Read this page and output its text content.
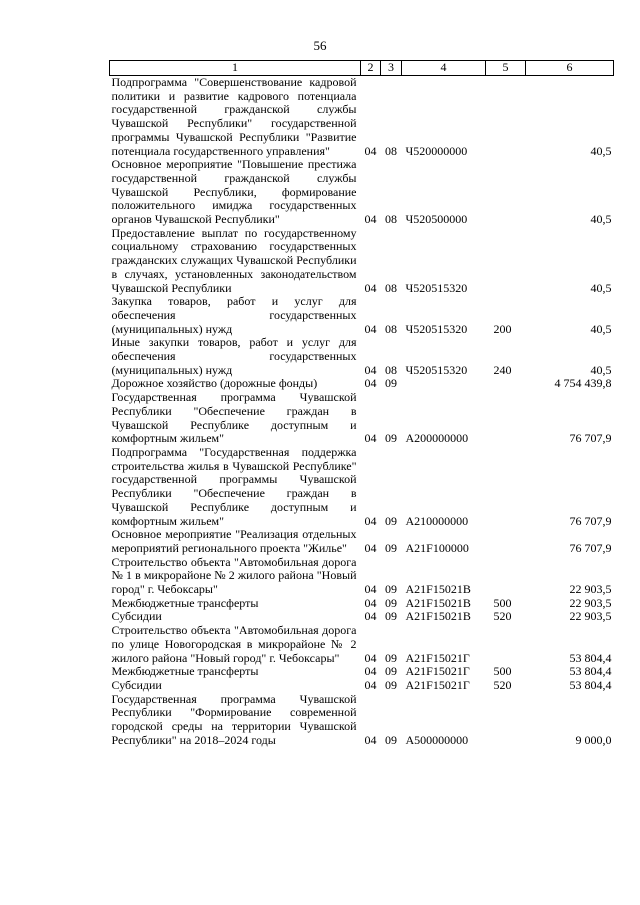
56
1	2	3	4	5	6
Подпрограмма "Совершенствование кадровой политики и развитие кадрового потенциала государственной гражданской службы Чувашской Республики" государственной программы Чувашской Республики "Развитие потенциала государственного управления"	04	08	Ч520000000		40,5
Основное мероприятие "Повышение престижа государственной гражданской службы Чувашской Республики, формирование положительного имиджа государственных органов Чувашской Республики"	04	08	Ч520500000		40,5
Предоставление выплат по государственному социальному страхованию государственных гражданских служащих Чувашской Республики в случаях, установленных законодательством Чувашской Республики	04	08	Ч520515320		40,5
Закупка товаров, работ и услуг для обеспечения государственных (муниципальных) нужд	04	08	Ч520515320	200	40,5
Иные закупки товаров, работ и услуг для обеспечения государственных (муниципальных) нужд	04	08	Ч520515320	240	40,5
Дорожное хозяйство (дорожные фонды)	04	09			4 754 439,8
Государственная программа Чувашской Республики "Обеспечение граждан в Чувашской Республике доступным и комфортным жильем"	04	09	А200000000		76 707,9
Подпрограмма "Государственная поддержка строительства жилья в Чувашской Республике" государственной программы Чувашской Республики "Обеспечение граждан в Чувашской Республике доступным и комфортным жильем"	04	09	А210000000		76 707,9
Основное мероприятие "Реализация отдельных мероприятий регионального проекта "Жилье"	04	09	А21F100000		76 707,9
Строительство объекта "Автомобильная дорога № 1 в микрорайоне № 2 жилого района "Новый город" г. Чебоксары"	04	09	А21F15021В		22 903,5
Межбюджетные трансферты	04	09	А21F15021В	500	22 903,5
Субсидии	04	09	А21F15021В	520	22 903,5
Строительство объекта "Автомобильная дорога по улице Новогородская в микрорайоне № 2 жилого района "Новый город" г. Чебоксары"	04	09	А21F15021Г		53 804,4
Межбюджетные трансферты	04	09	А21F15021Г	500	53 804,4
Субсидии	04	09	А21F15021Г	520	53 804,4
Государственная программа Чувашской Республики "Формирование современной городской среды на территории Чувашской Республики" на 2018–2024 годы	04	09	А500000000		9 000,0
